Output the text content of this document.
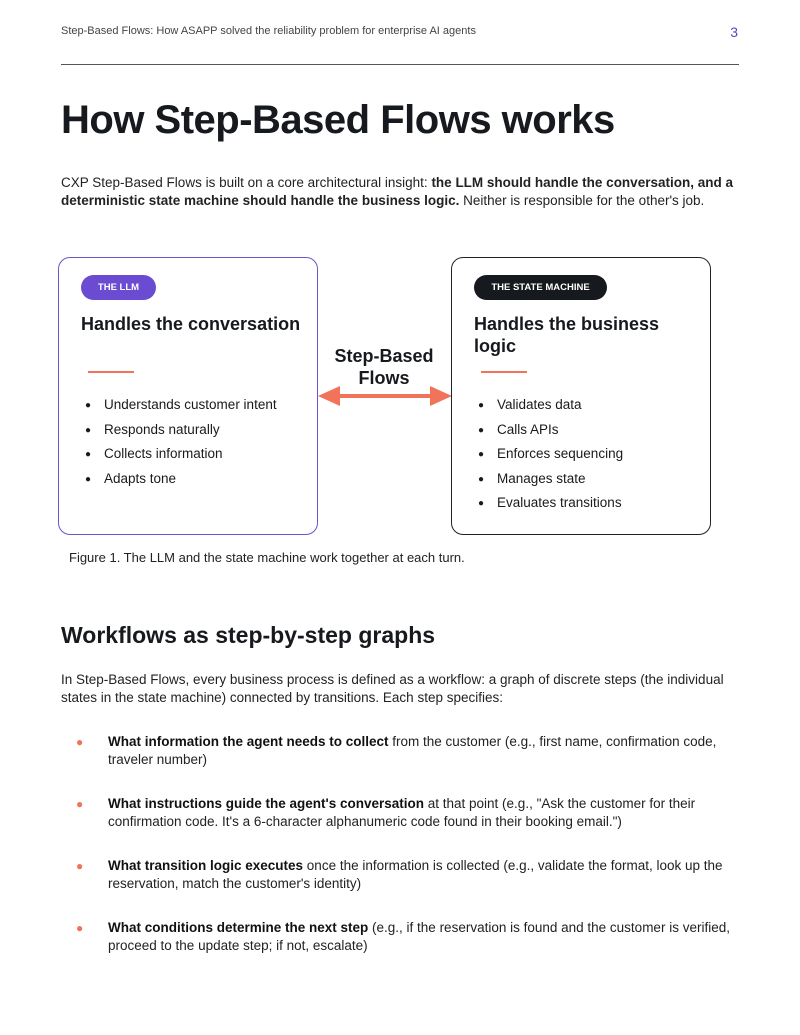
Step-Based Flows: How ASAPP solved the reliability problem for enterprise AI agents	3
How Step-Based Flows works

CXP Step-Based Flows is built on a core architectural insight: the LLM should handle the conversation, and a deterministic state machine should handle the business logic. Neither is responsible for the other's job.

THE LLM
Handles the conversation
● Understands customer intent
● Responds naturally
● Collects information
● Adapts tone
Step-Based Flows
THE STATE MACHINE
Handles the business logic
● Validates data
● Calls APIs
● Enforces sequencing
● Manages state
● Evaluates transitions
Figure 1. The LLM and the state machine work together at each turn.
Workflows as step-by-step graphs

In Step-Based Flows, every business process is defined as a workflow: a graph of discrete steps (the individual states in the state machine) connected by transitions. Each step specifies:

● What information the agent needs to collect from the customer (e.g., first name, confirmation code, traveler number)
● What instructions guide the agent's conversation at that point (e.g., "Ask the customer for their confirmation code. It's a 6-character alphanumeric code found in their booking email.")
● What transition logic executes once the information is collected (e.g., validate the format, look up the reservation, match the customer's identity)
● What conditions determine the next step (e.g., if the reservation is found and the customer is verified, proceed to the update step; if not, escalate)
